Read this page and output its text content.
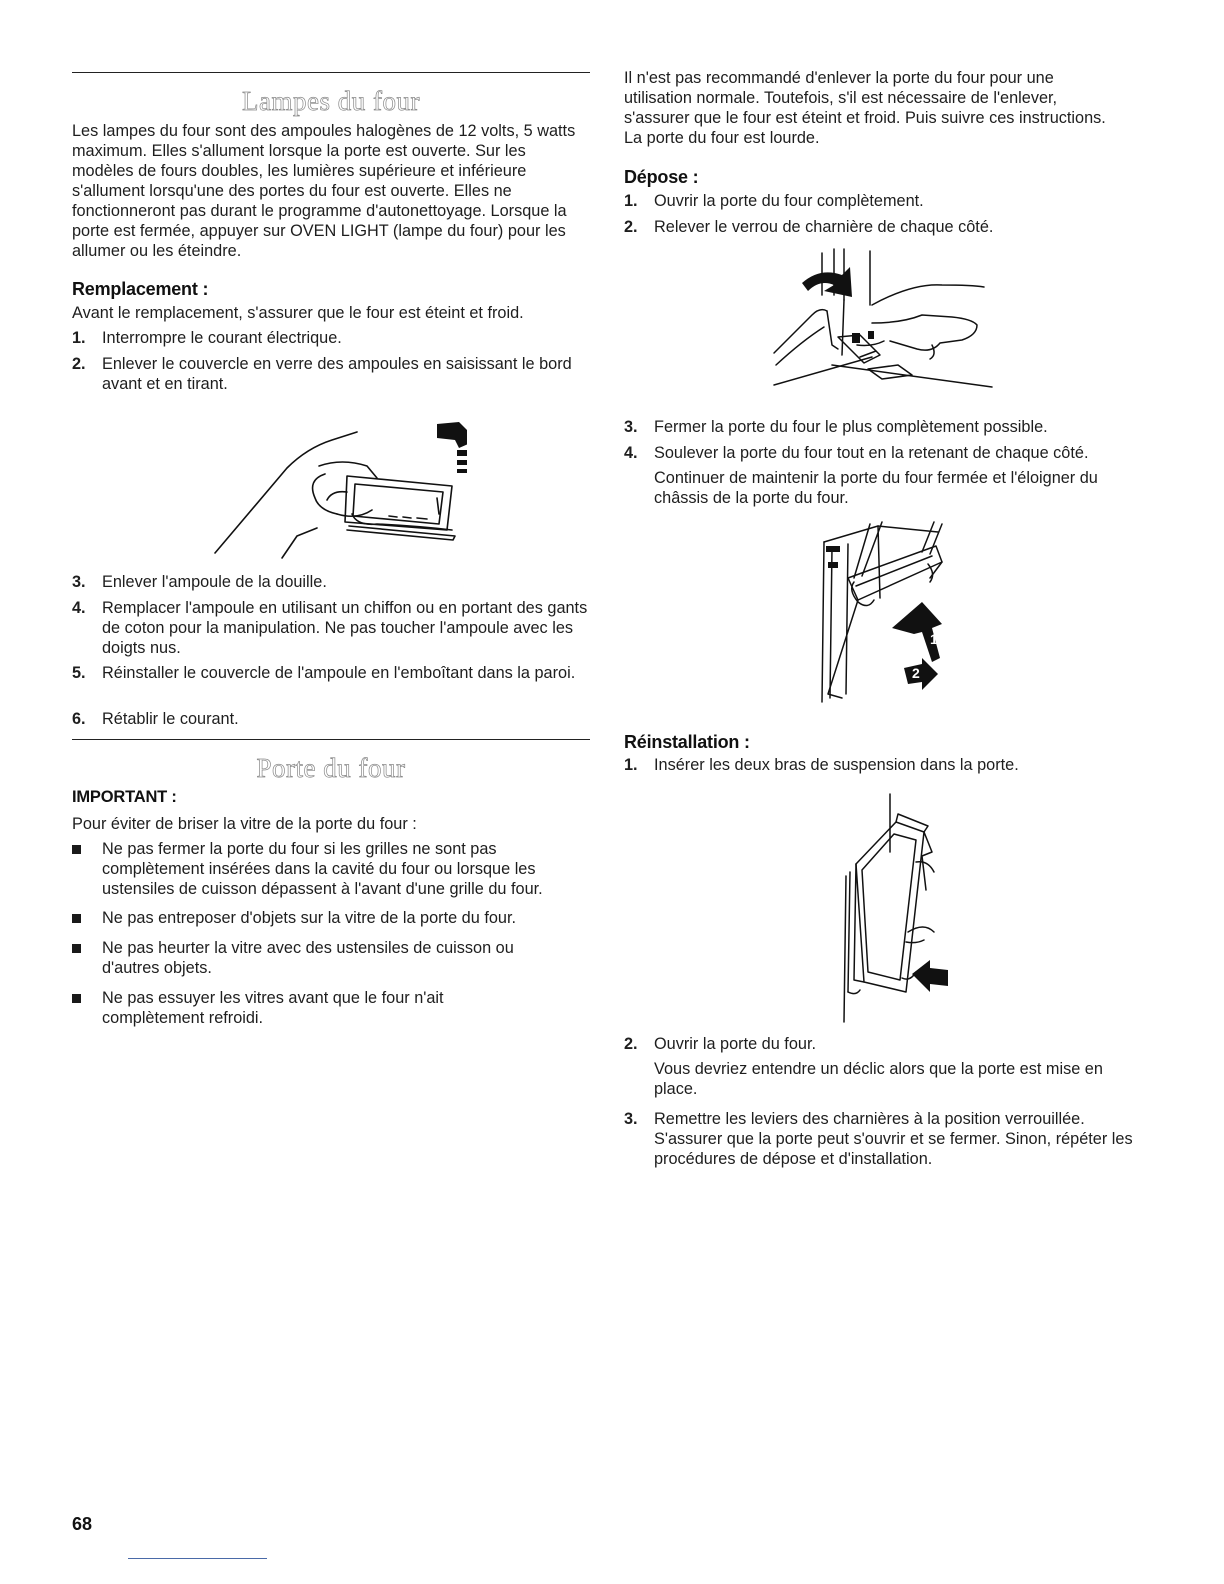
Lampes du four
Les lampes du four sont des ampoules halogènes de 12 volts, 5 watts maximum. Elles s'allument lorsque la porte est ouverte. Sur les modèles de fours doubles, les lumières supérieure et inférieure s'allument lorsqu'une des portes du four est ouverte. Elles ne fonctionneront pas durant le programme d'autonettoyage. Lorsque la porte est fermée, appuyer sur OVEN LIGHT (lampe du four) pour les allumer ou les éteindre.
Remplacement :
Avant le remplacement, s'assurer que le four est éteint et froid.
1. Interrompre le courant électrique.
2. Enlever le couvercle en verre des ampoules en saisissant le bord avant et en tirant.
3. Enlever l'ampoule de la douille.
4. Remplacer l'ampoule en utilisant un chiffon ou en portant des gants de coton pour la manipulation. Ne pas toucher l'ampoule avec les doigts nus.
5. Réinstaller le couvercle de l'ampoule en l'emboîtant dans la paroi.
6. Rétablir le courant.
Porte du four
IMPORTANT :
Pour éviter de briser la vitre de la porte du four :
Ne pas fermer la porte du four si les grilles ne sont pas complètement insérées dans la cavité du four ou lorsque les ustensiles de cuisson dépassent à l'avant d'une grille du four.
Ne pas entreposer d'objets sur la vitre de la porte du four.
Ne pas heurter la vitre avec des ustensiles de cuisson ou d'autres objets.
Ne pas essuyer les vitres avant que le four n'ait complètement refroidi.
Il n'est pas recommandé d'enlever la porte du four pour une utilisation normale. Toutefois, s'il est nécessaire de l'enlever, s'assurer que le four est éteint et froid. Puis suivre ces instructions. La porte du four est lourde.
Dépose :
1. Ouvrir la porte du four complètement.
2. Relever le verrou de charnière de chaque côté.
3. Fermer la porte du four le plus complètement possible.
4. Soulever la porte du four tout en la retenant de chaque côté.
Continuer de maintenir la porte du four fermée et l'éloigner du châssis de la porte du four.
1
2
Réinstallation :
1. Insérer les deux bras de suspension dans la porte.
2. Ouvrir la porte du four.
Vous devriez entendre un déclic alors que la porte est mise en place.
3. Remettre les leviers des charnières à la position verrouillée. S'assurer que la porte peut s'ouvrir et se fermer. Sinon, répéter les procédures de dépose et d'installation.
68
